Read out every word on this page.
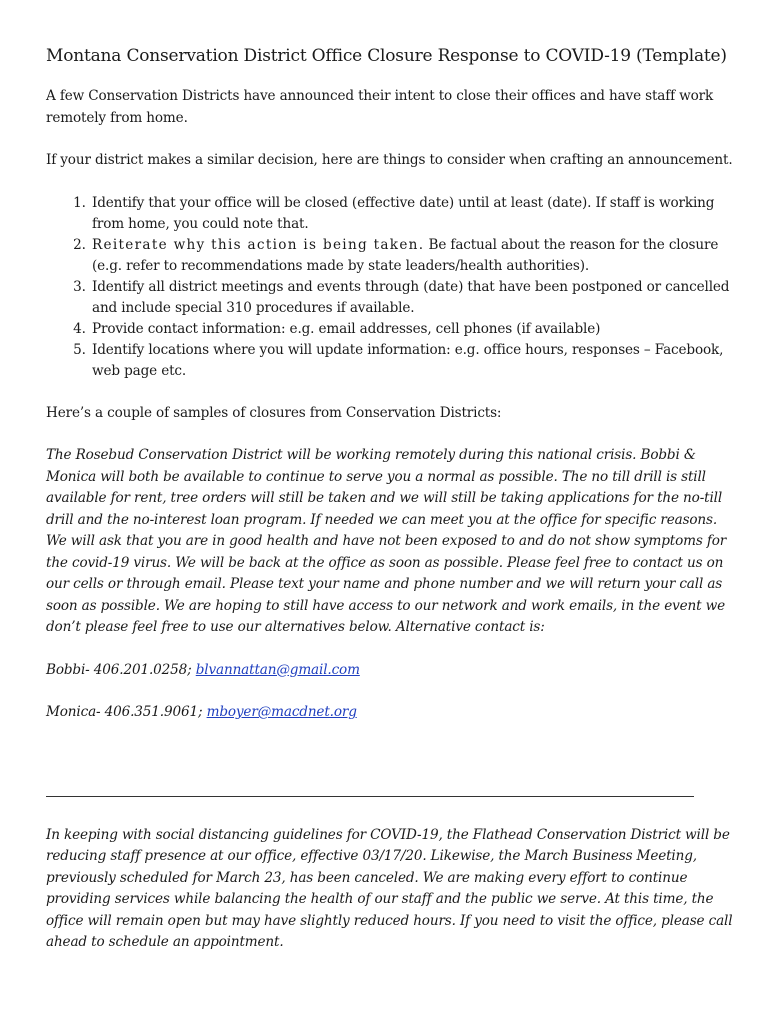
Montana Conservation District Office Closure Response to COVID-19 (Template)

A few Conservation Districts have announced their intent to close their offices and have staff work remotely from home.

If your district makes a similar decision, here are things to consider when crafting an announcement.

1. Identify that your office will be closed (effective date) until at least (date). If staff is working from home, you could note that.
2. Reiterate why this action is being taken. Be factual about the reason for the closure (e.g. refer to recommendations made by state leaders/health authorities).
3. Identify all district meetings and events through (date) that have been postponed or cancelled and include special 310 procedures if available.
4. Provide contact information: e.g. email addresses, cell phones (if available)
5. Identify locations where you will update information: e.g. office hours, responses – Facebook, web page etc.

Here’s a couple of samples of closures from Conservation Districts:

The Rosebud Conservation District will be working remotely during this national crisis. Bobbi & Monica will both be available to continue to serve you a normal as possible. The no till drill is still available for rent, tree orders will still be taken and we will still be taking applications for the no-till drill and the no-interest loan program. If needed we can meet you at the office for specific reasons. We will ask that you are in good health and have not been exposed to and do not show symptoms for the covid-19 virus. We will be back at the office as soon as possible. Please feel free to contact us on our cells or through email. Please text your name and phone number and we will return your call as soon as possible. We are hoping to still have access to our network and work emails, in the event we don’t please feel free to use our alternatives below. Alternative contact is:

Bobbi- 406.201.0258; blvannattan@gmail.com

Monica- 406.351.9061; mboyer@macdnet.org

In keeping with social distancing guidelines for COVID-19, the Flathead Conservation District will be reducing staff presence at our office, effective 03/17/20. Likewise, the March Business Meeting, previously scheduled for March 23, has been canceled. We are making every effort to continue providing services while balancing the health of our staff and the public we serve. At this time, the office will remain open but may have slightly reduced hours. If you need to visit the office, please call ahead to schedule an appointment.
